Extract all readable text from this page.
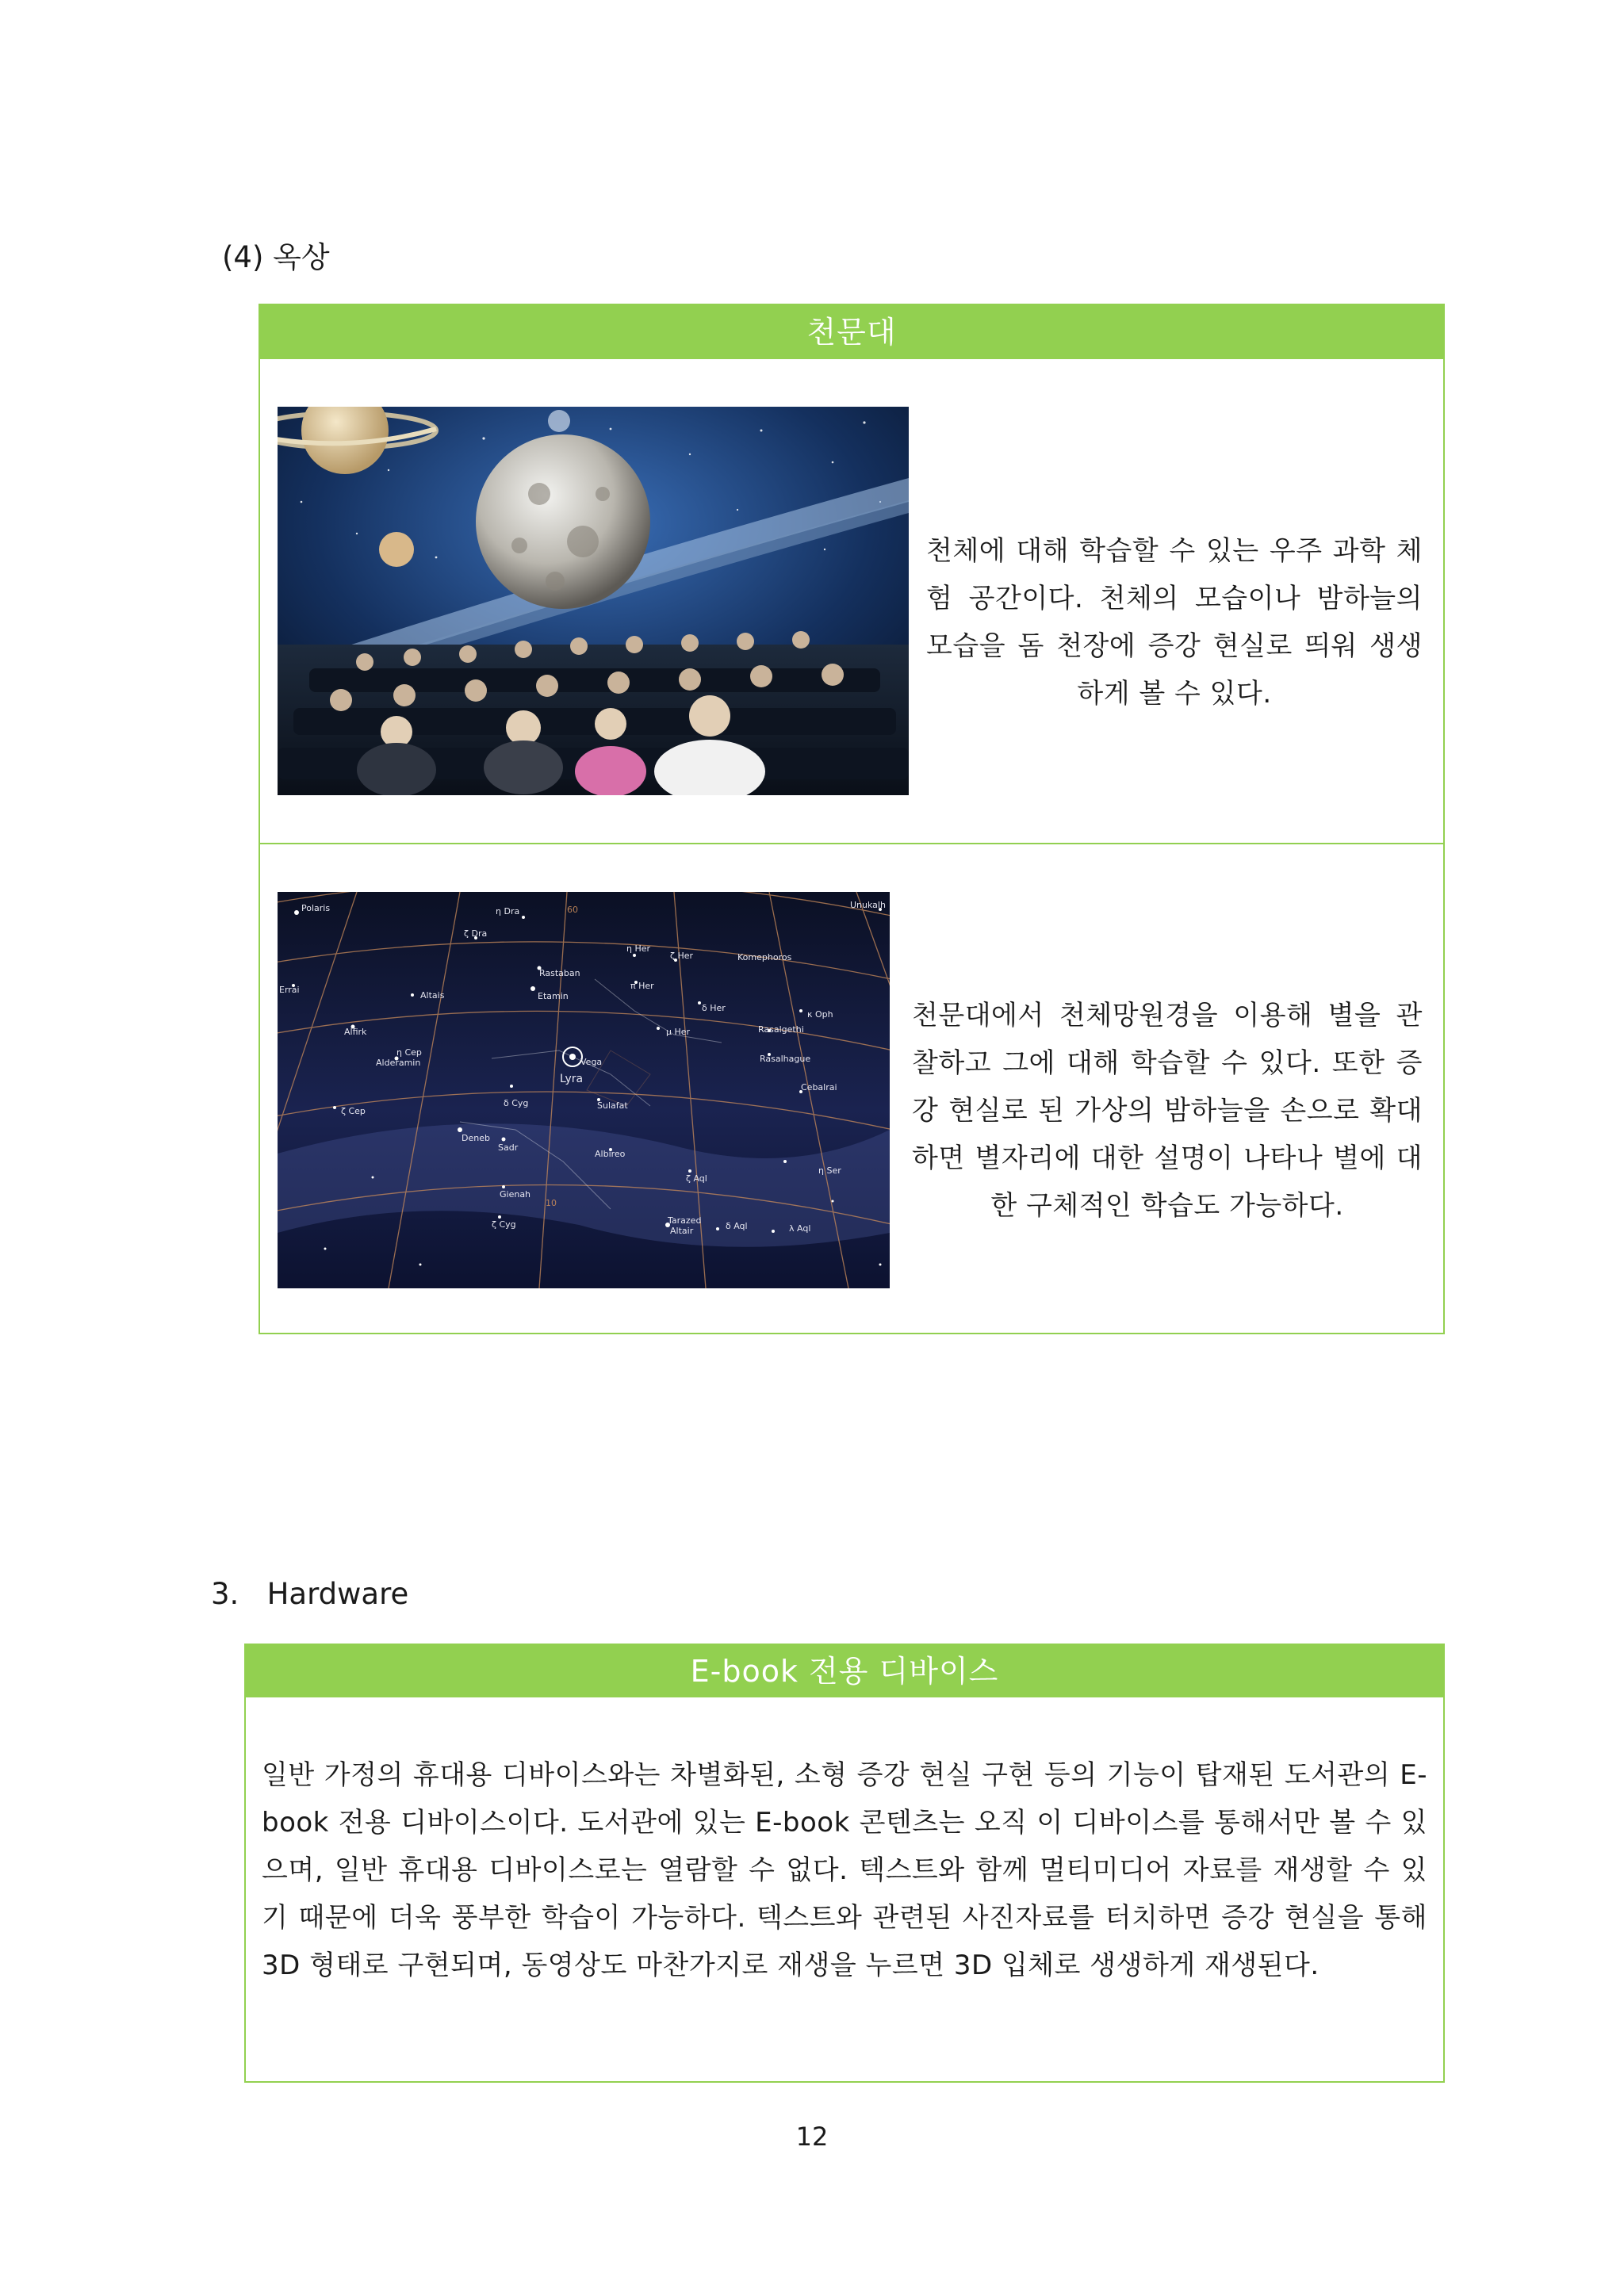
(4) 옥상
천문대
천체에 대해 학습할 수 있는 우주 과학 체험 공간이다. 천체의 모습이나 밤하늘의 모습을 돔 천장에 증강 현실로 띄워 생생하게 볼 수 있다.
Polaris	η Dra
ζ Dra
η Her
ζ Her	Komephoros
Unukalh
Rastaban
Etamin
π Her
Errai
Altais
δ Her
κ Oph
Alfirk	Rasalgethi
μ Her
η Cep
Alderamin	Vega	Rasalhague
Lyra
Cebalrai
ζ Cep
δ Cyg	Sulafat
Deneb
Sadr
Albireo
ζ Aql
η Ser
Gienah
ζ Cyg	Tarazed
Altair	δ Aql	λ Aql
60
10
천문대에서 천체망원경을 이용해 별을 관찰하고 그에 대해 학습할 수 있다. 또한 증강 현실로 된 가상의 밤하늘을 손으로 확대하면 별자리에 대한 설명이 나타나 별에 대한 구체적인 학습도 가능하다.
3.   Hardware
E-book 전용 디바이스
일반 가정의 휴대용 디바이스와는 차별화된, 소형 증강 현실 구현 등의 기능이 탑재된 도서관의 E-book 전용 디바이스이다. 도서관에 있는 E-book 콘텐츠는 오직 이 디바이스를 통해서만 볼 수 있으며, 일반 휴대용 디바이스로는 열람할 수 없다. 텍스트와 함께 멀티미디어 자료를 재생할 수 있기 때문에 더욱 풍부한 학습이 가능하다. 텍스트와 관련된 사진자료를 터치하면 증강 현실을 통해 3D 형태로 구현되며, 동영상도 마찬가지로 재생을 누르면 3D 입체로 생생하게 재생된다.
12
